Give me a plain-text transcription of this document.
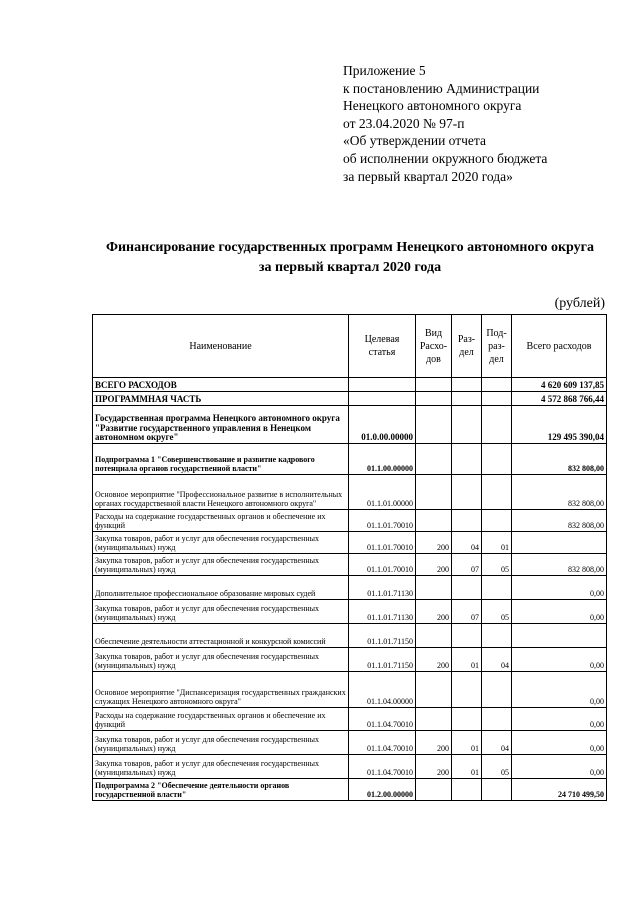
Приложение 5
к постановлению Администрации
Ненецкого автономного округа
от 23.04.2020 № 97-п
«Об утверждении отчета
об исполнении окружного бюджета
за первый квартал 2020 года»
Финансирование государственных программ Ненецкого автономного округа
за первый квартал 2020 года
(рублей)
Наименование	Целевая статья	Вид Расхо- дов	Раз- дел	Под- раз- дел	Всего расходов
ВСЕГО РАСХОДОВ					4 620 609 137,85
ПРОГРАММНАЯ ЧАСТЬ					4 572 868 766,44
Государственная программа Ненецкого автономного округа "Развитие государственного управления в Ненецком автономном округе"	01.0.00.00000				129 495 390,04
Подпрограмма 1 "Совершенствование и развитие кадрового потенциала органов государственной власти"	01.1.00.00000				832 808,00
Основное мероприятие "Профессиональное развитие в исполнительных органах государственной власти Ненецкого автономного округа"	01.1.01.00000				832 808,00
Расходы на содержание государственных органов и обеспечение их функций	01.1.01.70010				832 808,00
Закупка товаров, работ и услуг для обеспечения государственных (муниципальных) нужд	01.1.01.70010	200	04	01	
Закупка товаров, работ и услуг для обеспечения государственных (муниципальных) нужд	01.1.01.70010	200	07	05	832 808,00
Дополнительное профессиональное образование мировых судей	01.1.01.71130				0,00
Закупка товаров, работ и услуг для обеспечения государственных (муниципальных) нужд	01.1.01.71130	200	07	05	0,00
Обеспечение деятельности аттестационной и конкурсной комиссий	01.1.01.71150				
Закупка товаров, работ и услуг для обеспечения государственных (муниципальных) нужд	01.1.01.71150	200	01	04	0,00
Основное мероприятие "Диспансеризация государственных гражданских служащих Ненецкого автономного округа"	01.1.04.00000				0,00
Расходы на содержание государственных органов и обеспечение их функций	01.1.04.70010				0,00
Закупка товаров, работ и услуг для обеспечения государственных (муниципальных) нужд	01.1.04.70010	200	01	04	0,00
Закупка товаров, работ и услуг для обеспечения государственных (муниципальных) нужд	01.1.04.70010	200	01	05	0,00
Подпрограмма 2 "Обеспечение деятельности органов государственной власти"	01.2.00.00000				24 710 499,50
